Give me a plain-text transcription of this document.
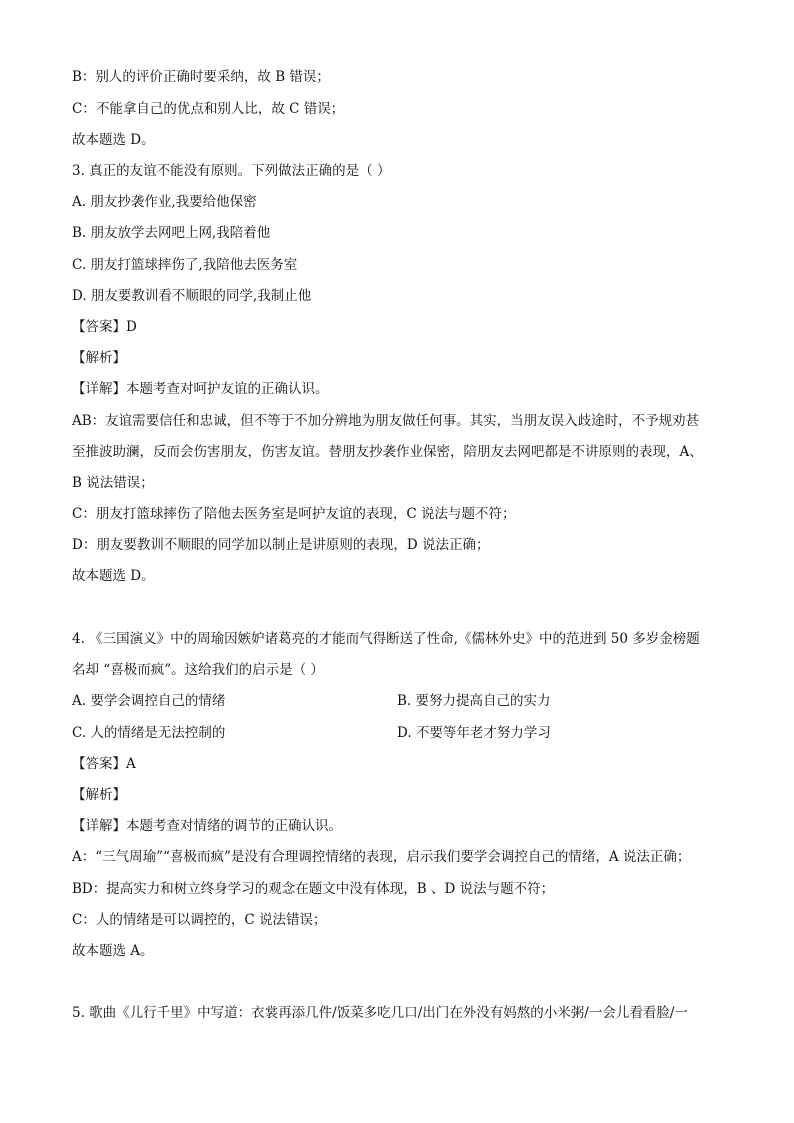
B：别人的评价正确时要采纳，故 B 错误；
C：不能拿自己的优点和别人比，故 C 错误；
故本题选 D。
3. 真正的友谊不能没有原则。下列做法正确的是（ ）
A. 朋友抄袭作业,我要给他保密
B. 朋友放学去网吧上网,我陪着他
C. 朋友打篮球摔伤了,我陪他去医务室
D. 朋友要教训看不顺眼的同学,我制止他
【答案】D
【解析】
【详解】本题考查对呵护友谊的正确认识。
AB：友谊需要信任和忠诚，但不等于不加分辨地为朋友做任何事。其实，当朋友误入歧途时，不予规劝甚
至推波助澜，反而会伤害朋友，伤害友谊。替朋友抄袭作业保密，陪朋友去网吧都是不讲原则的表现，A、
B 说法错误；
C：朋友打篮球摔伤了陪他去医务室是呵护友谊的表现，C 说法与题不符；
D：朋友要教训不顺眼的同学加以制止是讲原则的表现，D 说法正确；
故本题选 D。
4. 《三国演义》中的周瑜因嫉妒诸葛亮的才能而气得断送了性命,《儒林外史》中的范进到 50 多岁金榜题
名却 “喜极而疯”。这给我们的启示是（ ）
A. 要学会调控自己的情绪	B. 要努力提高自己的实力
C. 人的情绪是无法控制的	D. 不要等年老才努力学习
【答案】A
【解析】
【详解】本题考查对情绪的调节的正确认识。
A：“三气周瑜”“喜极而疯”是没有合理调控情绪的表现，启示我们要学会调控自己的情绪，A 说法正确；
BD：提高实力和树立终身学习的观念在题文中没有体现，B 、D 说法与题不符；
C：人的情绪是可以调控的，C 说法错误；
故本题选 A。
5. 歌曲《儿行千里》中写道：衣裳再添几件/饭菜多吃几口/出门在外没有妈熬的小米粥/一会儿看看脸/一
